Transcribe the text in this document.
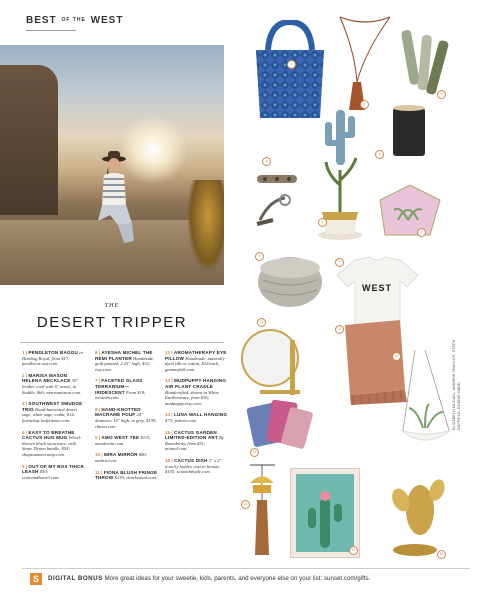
BEST OF THE WEST
THE
DESERT TRIPPER
1 | PENDLETON BAGGU in Harding Royal, from $17; pendleton-usa.com.
2 | MARISA MASON HELENA NECKLACE 30" leather cord with 6" tassel, in Saddle, $66; marisamason.com.
3 | SOUTHWEST SMUDGE TRIO Hand-harvested desert sage, white sage, cedar, $14; farmshop.losfeliznoe.com.
4 | EASY TO BREATHE CACTUS HUG MUG Wheel-thrown black stoneware, with Stone Denim handle, $54; shopsummercamp.com.
5 | OUT OF MY BOX THICK LEASH $50; crateandbarrel.com.
6 | AYESHA MICHEL THE REMI PLANTER Handmade, gold painted, 2.25" high, $32; etsy.com.
7 | FACETED GLASS TERRARIUM—IRIDESCENT From $19; westelm.com.
8 | HAND-KNOTTED MACRAMÉ POUF 24" diameter, 14" high, in grey, $199; rhteen.com.
9 | AMO WEST TEE $115; amodenim.com.
10 | MIRA MIRROR $80; umbra.com.
11 | FIONA BLUSH FRINGE THROW $139; dearkeaton.com.
12 | AROMATHERAPY EYE PILLOW Handmade, naturally dyed silk or cotton, $32/each; gammafolk.com.
13 | MUDPUPPY HANGING AIR PLANT CRADLE Handcrafted, shown in White Earthenware, from $36; mudpuppy.etsy.com.
14 | LUNA WALL HANGING $75; pokoto.com.
15 | CACTUS GARDEN LIMITED-EDITION ART By Baumbirdy, from $31; minted.com.
16 | CACTUS DISH 3" x 2" jewelry holder, cast in bronze, $105; seawiththyde.com.
WEST
1
2
3
4
5
6
7
8
9
10
11
12
13
14
15
16
ELIZABETH MCCALL; ANDREW SHAYLOR; STEPH DUFFIELD; RONNIE HAND
S	DIGITAL BONUS More great ideas for your sweetie, kids, parents, and everyone else on your list: sunset.com/gifts.
